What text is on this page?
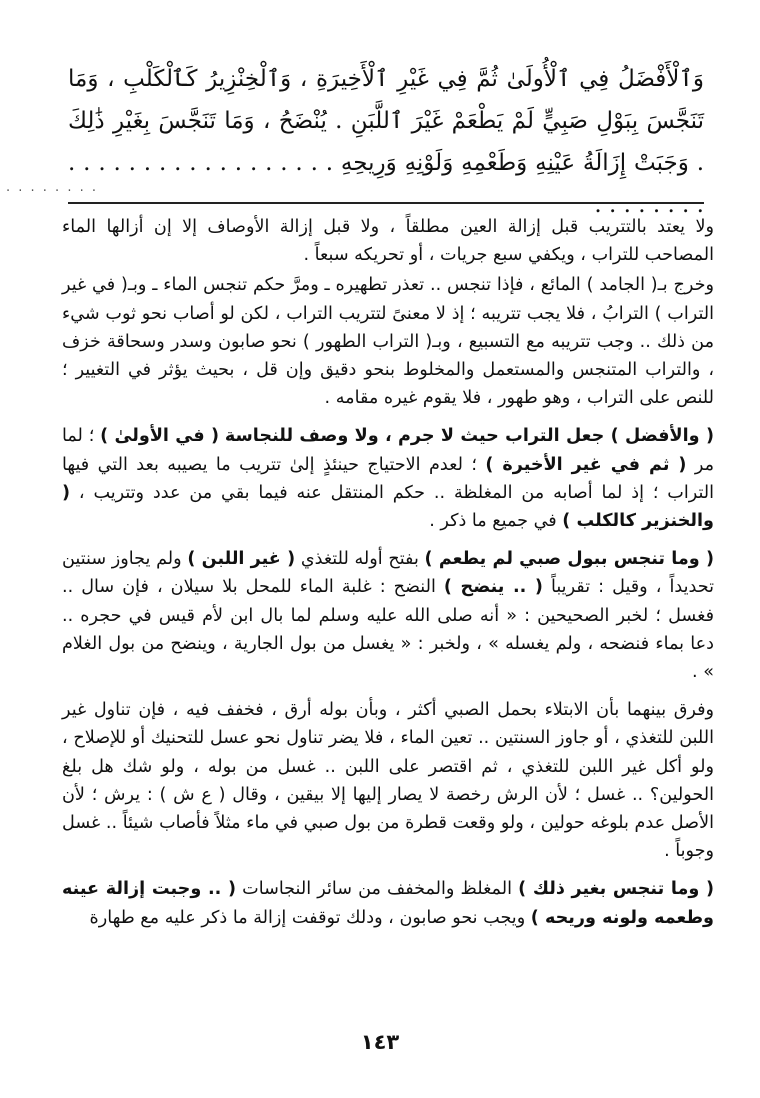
وَٱلْأَفْضَلُ فِي ٱلْأُولَىٰ ثُمَّ فِي غَيْرِ ٱلْأَخِيرَةِ ، وَٱلْخِنْزِيرُ كَٱلْكَلْبِ ، وَمَا تَنَجَّسَ بِبَوْلِ صَبِيٍّ لَمْ يَطْعَمْ غَيْرَ ٱللَّبَنِ . يُنْضَحُ ، وَمَا تَنَجَّسَ بِغَيْرِ ذَٰلِكَ . وَجَبَتْ إِزَالَةُ عَيْنِهِ وَطَعْمِهِ وَلَوْنِهِ وَرِيحِهِ . . . . . . . . . . . . . . . . . . . . . . . . . .

. . . . . . . .

ولا يعتد بالتتريب قبل إزالة العين مطلقاً ، ولا قبل إزالة الأوصاف إلا إن أزالها الماء المصاحب للتراب ، ويكفي سبع جريات ، أو تحريكه سبعاً .

وخرج بـ( الجامد ) المائع ، فإذا تنجس .. تعذر تطهيره ـ ومرَّ حكم تنجس الماء ـ وبـ( في غير التراب ) الترابُ ، فلا يجب تتريبه ؛ إذ لا معنىً لتتريب التراب ، لكن لو أصاب نحو ثوب شيء من ذلك .. وجب تتريبه مع التسبيع ، وبـ( التراب الطهور ) نحو صابون وسدر وسحاقة خزف ، والتراب المتنجس والمستعمل والمخلوط بنحو دقيق وإن قل ، بحيث يؤثر في التغيير ؛ للنص على التراب ، وهو طهور ، فلا يقوم غيره مقامه .

( والأفضل ) جعل التراب حيث لا جرم ، ولا وصف للنجاسة ( في الأولىٰ ) ؛ لما مر ( ثم في غير الأخيرة ) ؛ لعدم الاحتياج حينئذٍ إلىٰ تتريب ما يصيبه بعد التي فيها التراب ؛ إذ لما أصابه من المغلظة .. حكم المنتقل عنه فيما بقي من عدد وتتريب ، ( والخنزير كالكلب ) في جميع ما ذكر .

( وما تنجس ببول صبي لم يطعم ) بفتح أوله للتغذي ( غير اللبن ) ولم يجاوز سنتين تحديداً ، وقيل : تقريباً ( .. ينضح ) النضح : غلبة الماء للمحل بلا سيلان ، فإن سال .. فغسل ؛ لخبر الصحيحين : « أنه صلى الله عليه وسلم لما بال ابن لأم قيس في حجره .. دعا بماء فنضحه ، ولم يغسله » ، ولخبر : « يغسل من بول الجارية ، وينضح من بول الغلام » .

وفرق بينهما بأن الابتلاء بحمل الصبي أكثر ، وبأن بوله أرق ، فخفف فيه ، فإن تناول غير اللبن للتغذي ، أو جاوز السنتين .. تعين الماء ، فلا يضر تناول نحو عسل للتحنيك أو للإصلاح ، ولو أكل غير اللبن للتغذي ، ثم اقتصر على اللبن .. غسل من بوله ، ولو شك هل بلغ الحولين؟ .. غسل ؛ لأن الرش رخصة لا يصار إليها إلا بيقين ، وقال ( ع ش ) : يرش ؛ لأن الأصل عدم بلوغه حولين ، ولو وقعت قطرة من بول صبي في ماء مثلاً فأصاب شيئاً .. غسل وجوباً .

( وما تنجس بغير ذلك ) المغلظ والمخفف من سائر النجاسات ( .. وجبت إزالة عينه وطعمه ولونه وريحه ) ويجب نحو صابون ، ودلك توقفت إزالة ما ذكر عليه مع طهارة

١٤٣
